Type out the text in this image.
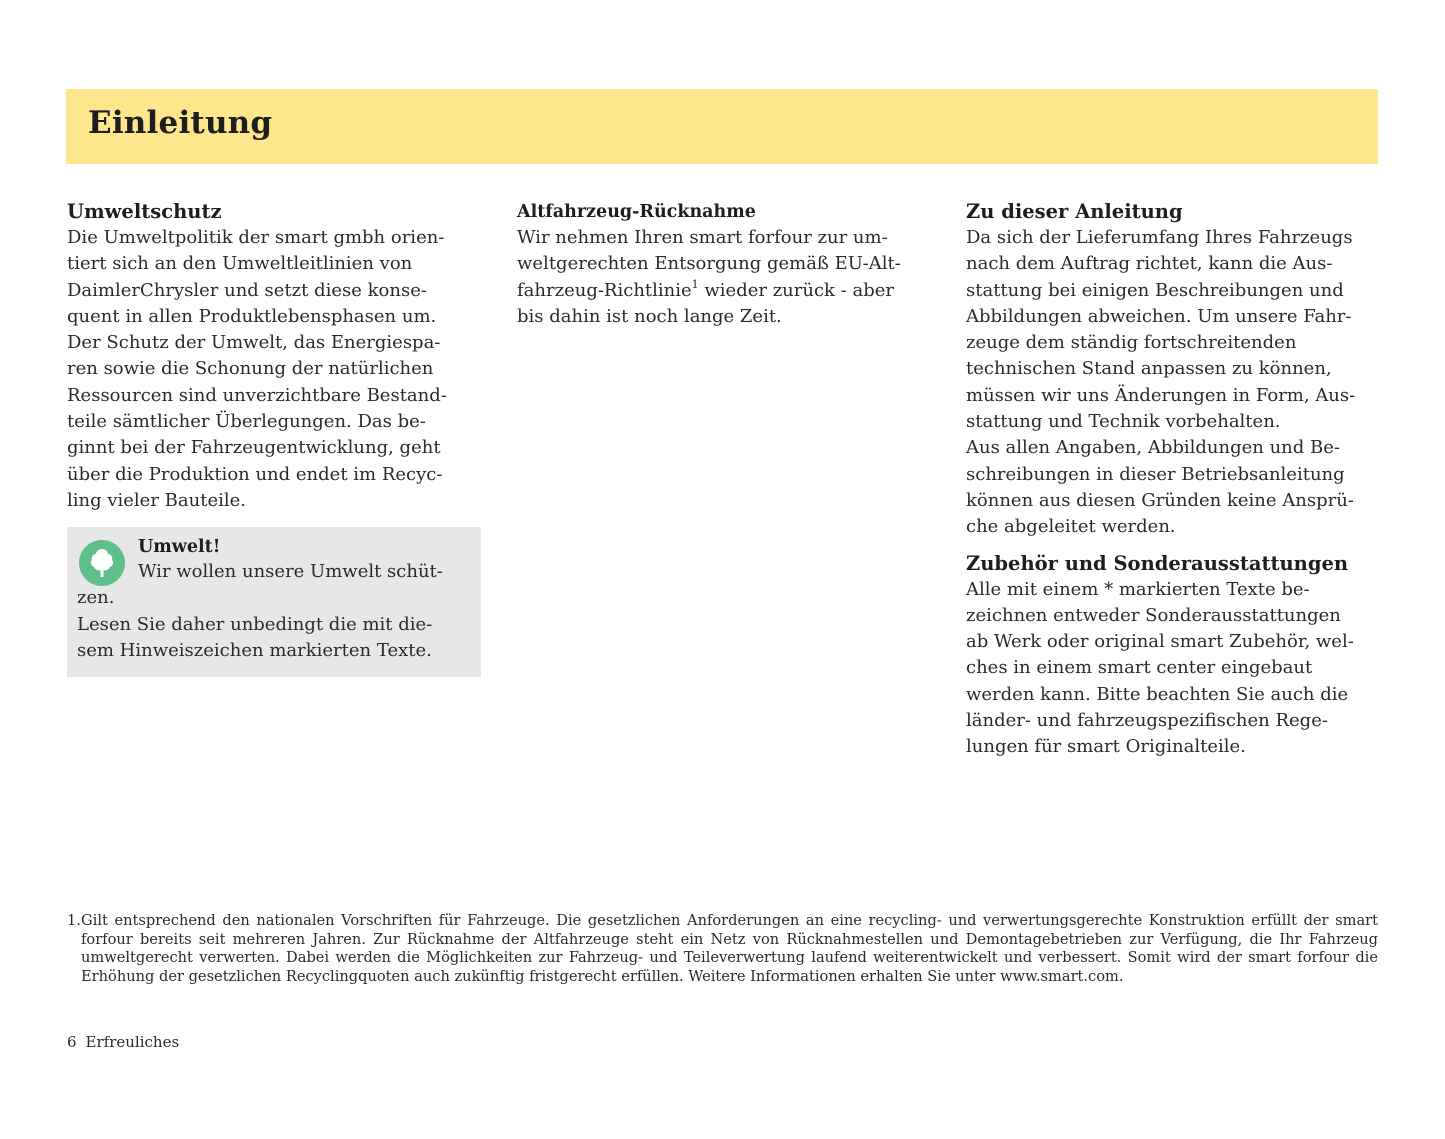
Einleitung
Umweltschutz
Die Umweltpolitik der smart gmbh orien-
tiert sich an den Umweltleitlinien von
DaimlerChrysler und setzt diese konse-
quent in allen Produktlebensphasen um.
Der Schutz der Umwelt, das Energiespa-
ren sowie die Schonung der natürlichen
Ressourcen sind unverzichtbare Bestand-
teile sämtlicher Überlegungen. Das be-
ginnt bei der Fahrzeugentwicklung, geht
über die Produktion und endet im Recyc-
ling vieler Bauteile.
Umwelt!
Wir wollen unsere Umwelt schüt-
zen.
Lesen Sie daher unbedingt die mit die-
sem Hinweiszeichen markierten Texte.
Altfahrzeug-Rücknahme
Wir nehmen Ihren smart forfour zur um-
weltgerechten Entsorgung gemäß EU-Alt-
fahrzeug-Richtlinie$^1$ wieder zurück - aber
bis dahin ist noch lange Zeit.
Zu dieser Anleitung
Da sich der Lieferumfang Ihres Fahrzeugs
nach dem Auftrag richtet, kann die Aus-
stattung bei einigen Beschreibungen und
Abbildungen abweichen. Um unsere Fahr-
zeuge dem ständig fortschreitenden
technischen Stand anpassen zu können,
müssen wir uns Änderungen in Form, Aus-
stattung und Technik vorbehalten.
Aus allen Angaben, Abbildungen und Be-
schreibungen in dieser Betriebsanleitung
können aus diesen Gründen keine Ansprü-
che abgeleitet werden.
Zubehör und Sonderausstattungen
Alle mit einem * markierten Texte be-
zeichnen entweder Sonderausstattungen
ab Werk oder original smart Zubehör, wel-
ches in einem smart center eingebaut
werden kann. Bitte beachten Sie auch die
länder- und fahrzeugspezifischen Rege-
lungen für smart Originalteile.
1. Gilt entsprechend den nationalen Vorschriften für Fahrzeuge. Die gesetzlichen Anforderungen an eine recycling- und verwertungsgerechte Konstruktion erfüllt der smart forfour bereits seit mehreren Jahren. Zur Rücknahme der Altfahrzeuge steht ein Netz von Rücknahmestellen und Demontagebetrieben zur Verfügung, die Ihr Fahrzeug umweltgerecht verwerten. Dabei werden die Möglichkeiten zur Fahrzeug- und Teileverwertung laufend weiterentwickelt und verbessert. Somit wird der smart forfour die Erhöhung der gesetzlichen Recyclingquoten auch zukünftig fristgerecht erfüllen. Weitere Informationen erhalten Sie unter www.smart.com.
6 Erfreuliches
